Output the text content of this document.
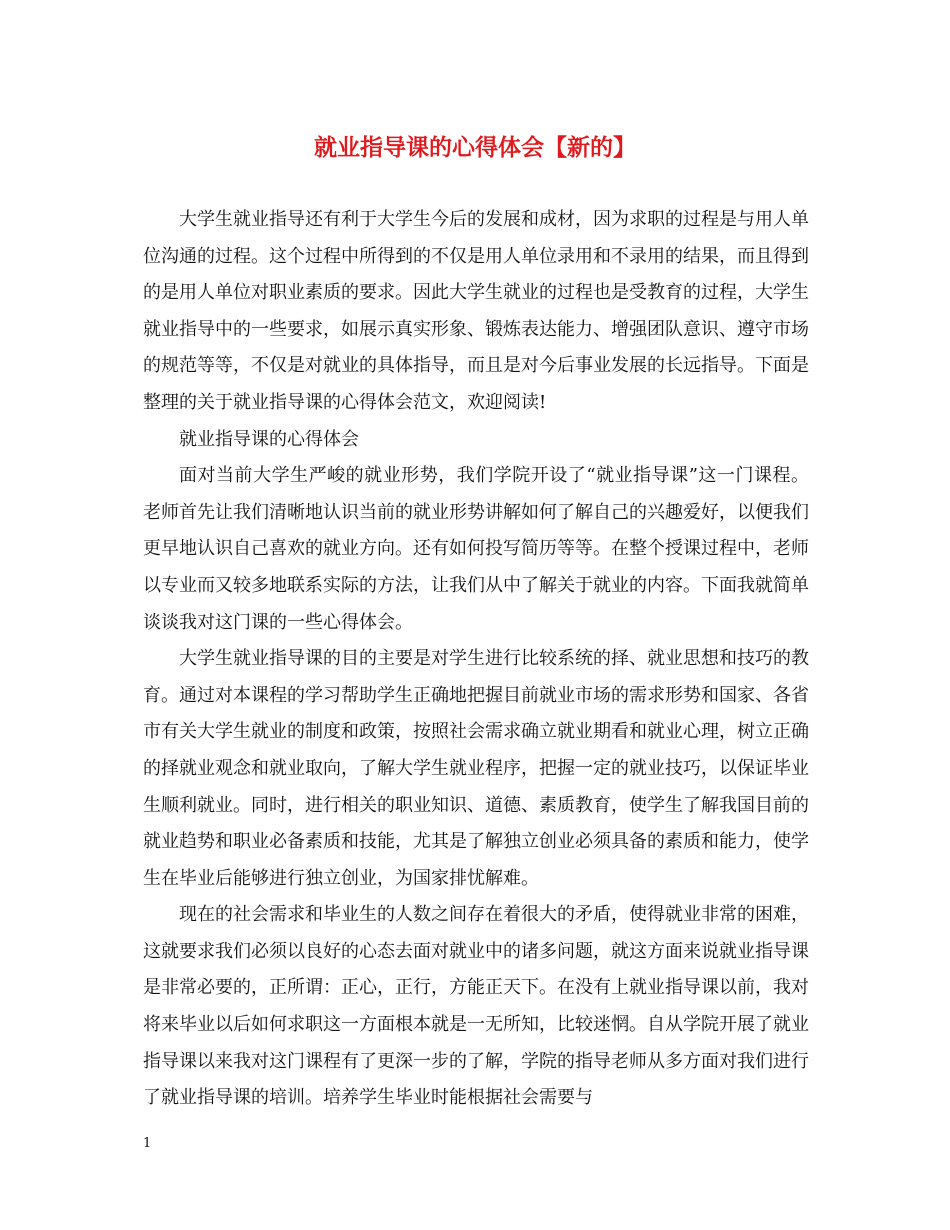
就业指导课的心得体会【新的】

大学生就业指导还有利于大学生今后的发展和成材，因为求职的过程是与用人单位沟通的过程。这个过程中所得到的不仅是用人单位录用和不录用的结果，而且得到的是用人单位对职业素质的要求。因此大学生就业的过程也是受教育的过程，大学生就业指导中的一些要求，如展示真实形象、锻炼表达能力、增强团队意识、遵守市场的规范等等，不仅是对就业的具体指导，而且是对今后事业发展的长远指导。下面是整理的关于就业指导课的心得体会范文，欢迎阅读!

就业指导课的心得体会

面对当前大学生严峻的就业形势，我们学院开设了“就业指导课”这一门课程。老师首先让我们清晰地认识当前的就业形势讲解如何了解自己的兴趣爱好，以便我们更早地认识自己喜欢的就业方向。还有如何投写简历等等。在整个授课过程中，老师以专业而又较多地联系实际的方法，让我们从中了解关于就业的内容。下面我就简单谈谈我对这门课的一些心得体会。

大学生就业指导课的目的主要是对学生进行比较系统的择、就业思想和技巧的教育。通过对本课程的学习帮助学生正确地把握目前就业市场的需求形势和国家、各省市有关大学生就业的制度和政策，按照社会需求确立就业期看和就业心理，树立正确的择就业观念和就业取向，了解大学生就业程序，把握一定的就业技巧，以保证毕业生顺利就业。同时，进行相关的职业知识、道德、素质教育，使学生了解我国目前的就业趋势和职业必备素质和技能，尤其是了解独立创业必须具备的素质和能力，使学生在毕业后能够进行独立创业，为国家排忧解难。

现在的社会需求和毕业生的人数之间存在着很大的矛盾，使得就业非常的困难，这就要求我们必须以良好的心态去面对就业中的诸多问题，就这方面来说就业指导课是非常必要的，正所谓：正心，正行，方能正天下。在没有上就业指导课以前，我对将来毕业以后如何求职这一方面根本就是一无所知，比较迷惘。自从学院开展了就业指导课以来我对这门课程有了更深一步的了解，学院的指导老师从多方面对我们进行了就业指导课的培训。培养学生毕业时能根据社会需要与

1
